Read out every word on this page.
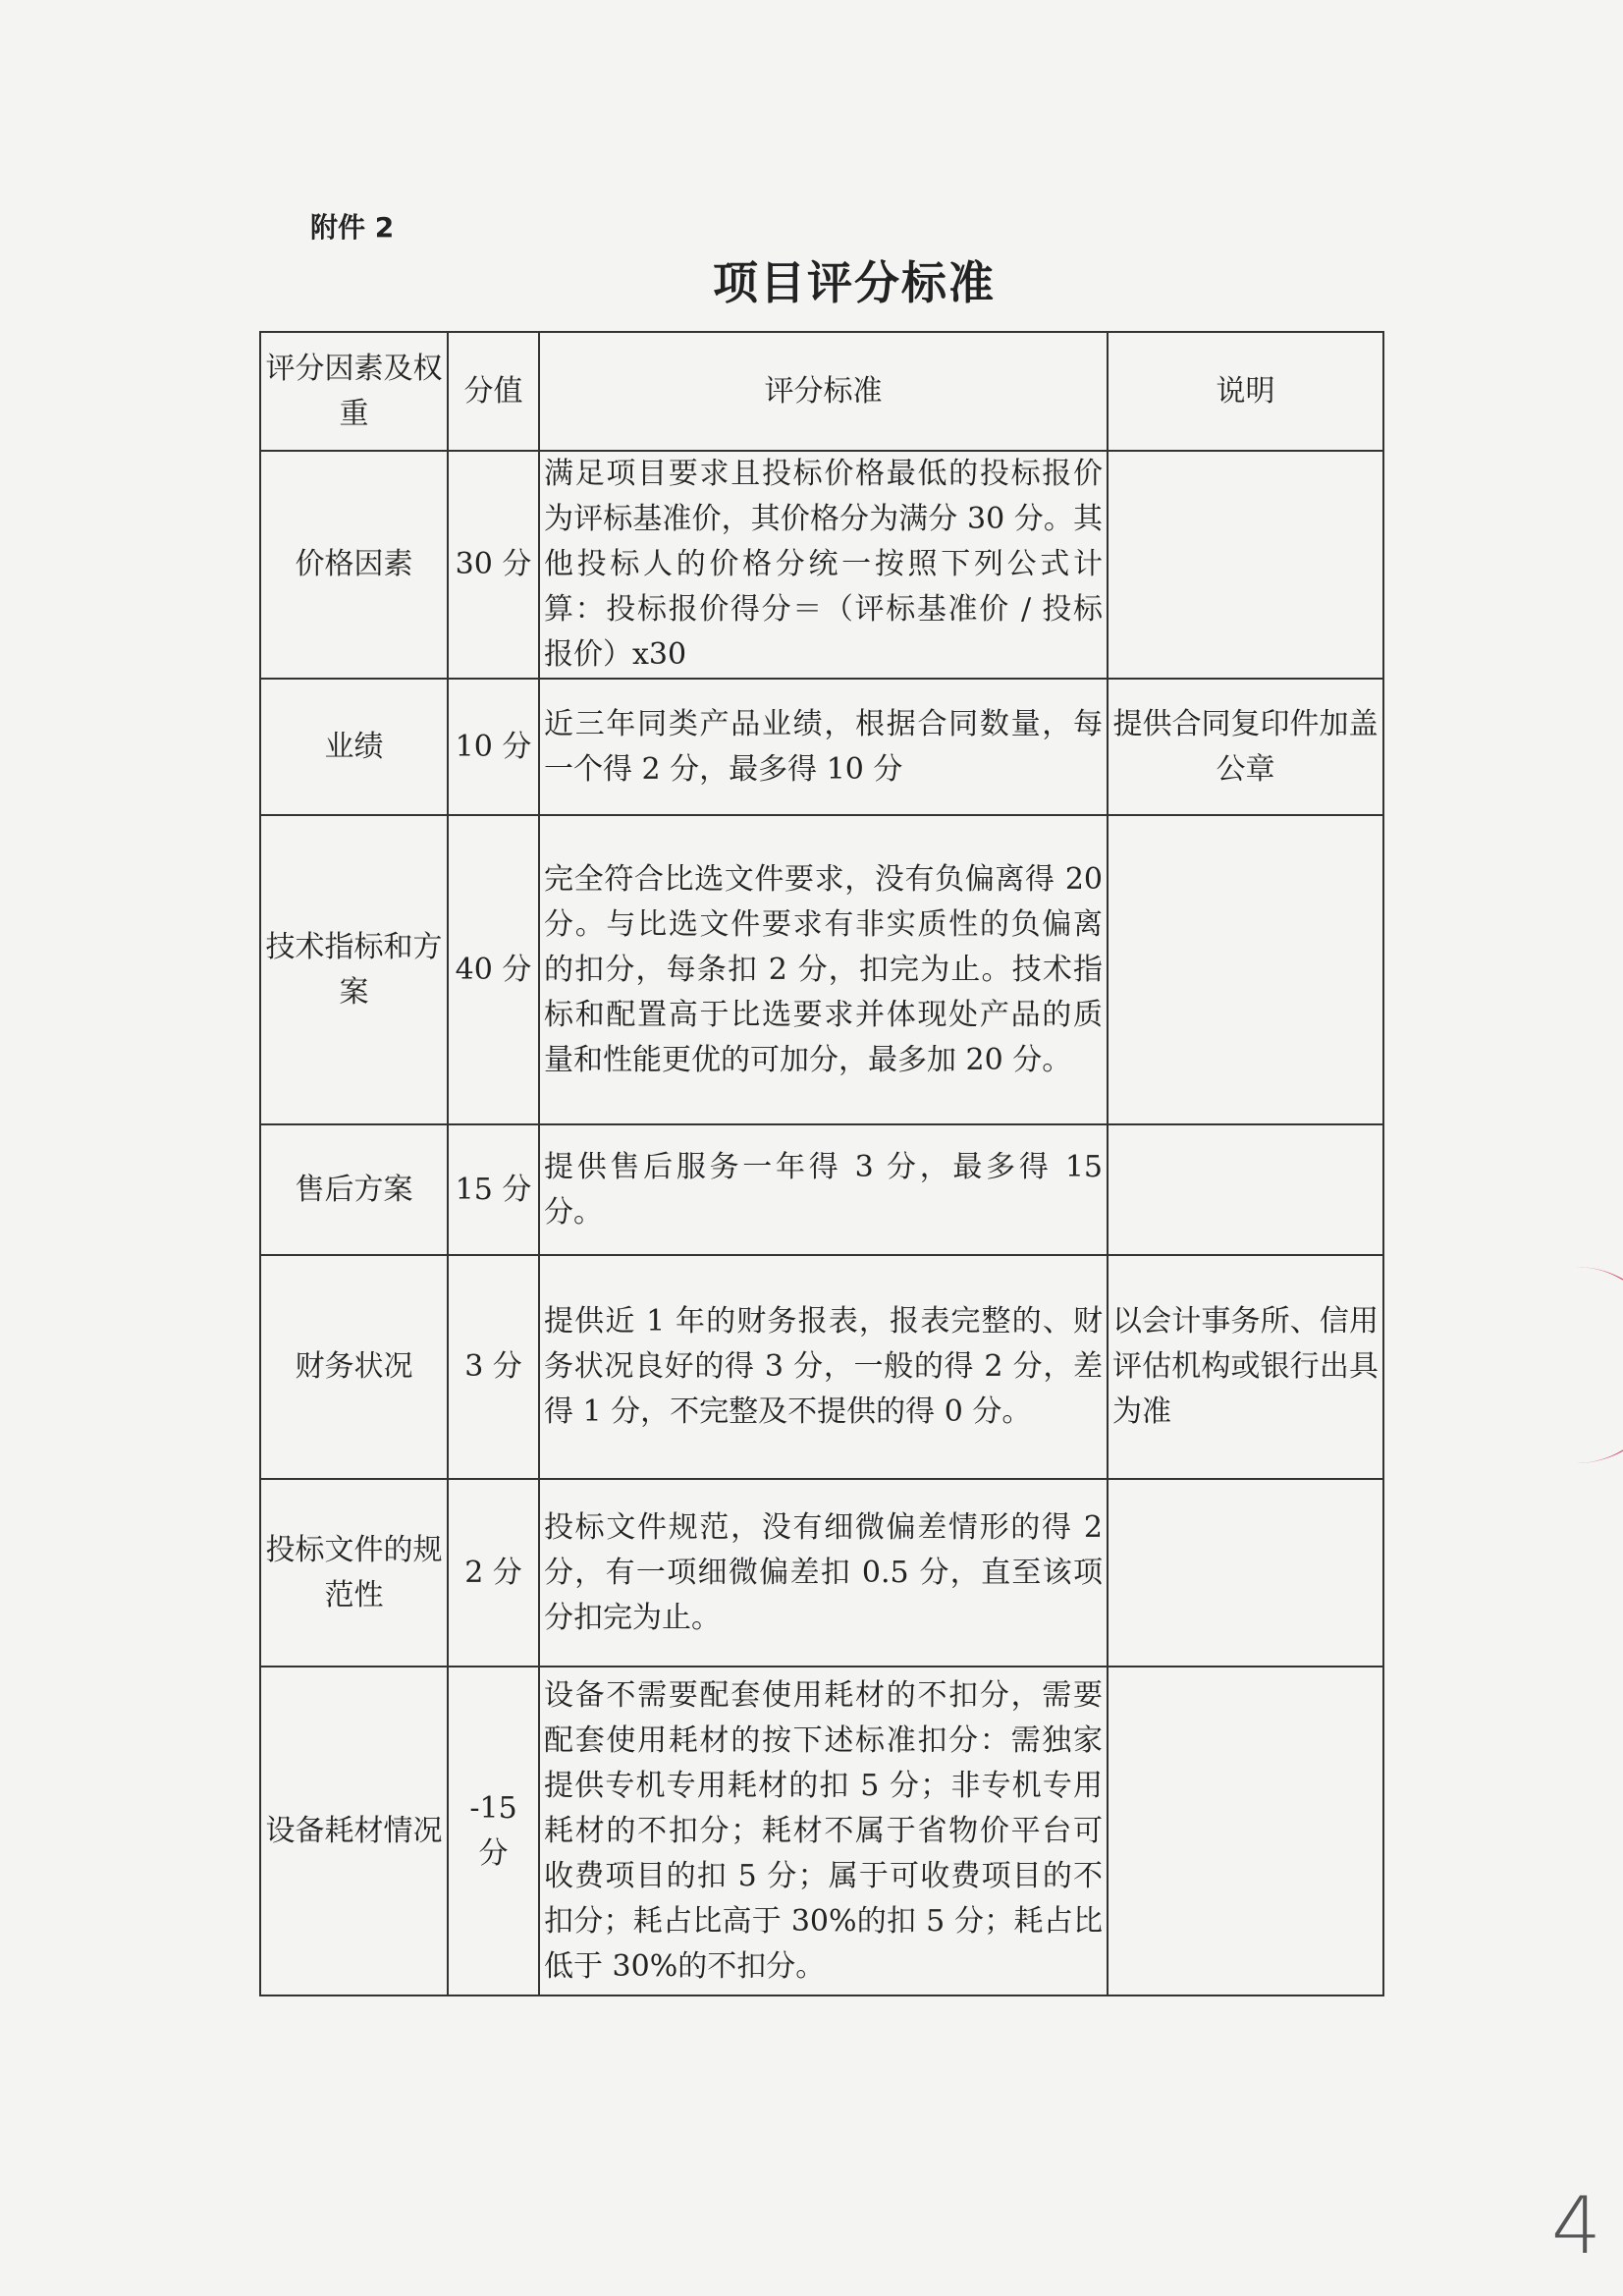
附件 2
项目评分标准
评分因素及权重	分值	评分标准	说明
价格因素	30 分	满足项目要求且投标价格最低的投标报价为评标基准价，其价格分为满分 30 分。其他投标人的价格分统一按照下列公式计算：投标报价得分＝（评标基准价 / 投标报价）x30	
业绩	10 分	近三年同类产品业绩，根据合同数量，每一个得 2 分，最多得 10 分	提供合同复印件加盖公章
技术指标和方案	40 分	完全符合比选文件要求，没有负偏离得 20 分。与比选文件要求有非实质性的负偏离的扣分，每条扣 2 分，扣完为止。技术指标和配置高于比选要求并体现处产品的质量和性能更优的可加分，最多加 20 分。	
售后方案	15 分	提供售后服务一年得 3 分，最多得 15 分。	
财务状况	3 分	提供近 1 年的财务报表，报表完整的、财务状况良好的得 3 分，一般的得 2 分，差得 1 分，不完整及不提供的得 0 分。	以会计事务所、信用评估机构或银行出具为准
投标文件的规范性	2 分	投标文件规范，没有细微偏差情形的得 2 分，有一项细微偏差扣 0.5 分，直至该项分扣完为止。	
设备耗材情况	-15 分	设备不需要配套使用耗材的不扣分，需要配套使用耗材的按下述标准扣分：需独家提供专机专用耗材的扣 5 分；非专机专用耗材的不扣分；耗材不属于省物价平台可收费项目的扣 5 分；属于可收费项目的不扣分；耗占比高于 30%的扣 5 分；耗占比低于 30%的不扣分。	
4
